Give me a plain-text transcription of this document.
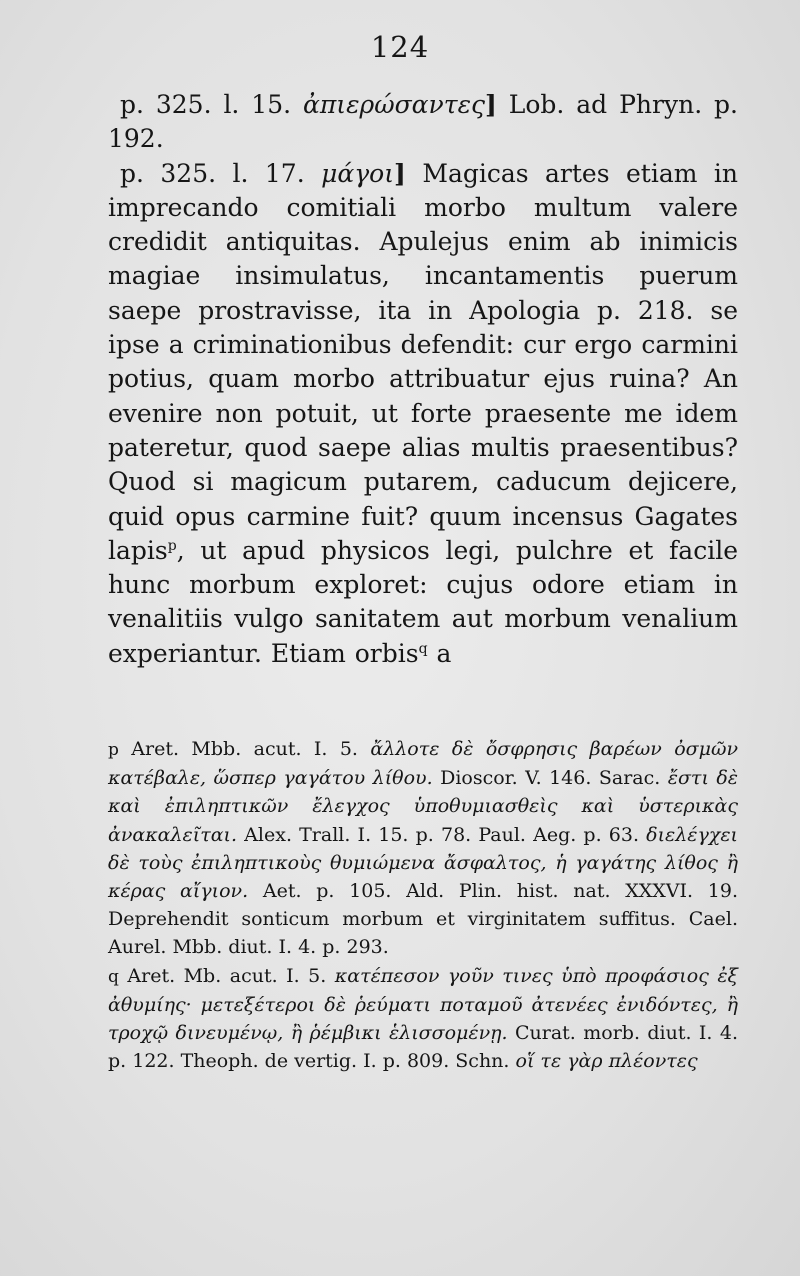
124

p. 325. l. 15. ἀπιερώσαντες] Lob. ad Phryn. p. 192.

p. 325. l. 17. μάγοι] Magicas artes etiam in imprecando comitiali morbo multum valere credidit antiquitas. Apulejus enim ab inimicis magiae insimulatus, incantamentis puerum saepe prostravisse, ita in Apologia p. 218. se ipse a criminationibus defendit: cur ergo carmini potius, quam morbo attribuatur ejus ruina? An evenire non potuit, ut forte praesente me idem pateretur, quod saepe alias multis praesentibus? Quod si magicum putarem, caducum dejicere, quid opus carmine fuit? quum incensus Gagates lapis$^p$, ut apud physicos legi, pulchre et facile hunc morbum exploret: cujus odore etiam in venalitiis vulgo sanitatem aut morbum venalium experiantur. Etiam orbis$^q$ a

p Aret. Mbb. acut. I. 5. ἄλλοτε δὲ ὄσφρησις βαρέων ὀσμῶν κατέβαλε, ὥσπερ γαγάτου λίθου. Dioscor. V. 146. Sarac. ἔστι δὲ καὶ ἐπιληπτικῶν ἔλεγχος ὑποθυμιασθεὶς καὶ ὑστερικὰς ἀνακαλεῖται. Alex. Trall. I. 15. p. 78. Paul. Aeg. p. 63. διελέγχει δὲ τοὺς ἐπιληπτικοὺς θυμιώμενα ἄσφαλτος, ἡ γαγάτης λίθος ἢ κέρας αἴγιον. Aet. p. 105. Ald. Plin. hist. nat. XXXVI. 19. Deprehendit sonticum morbum et virginitatem suffitus. Cael. Aurel. Mbb. diut. I. 4. p. 293.

q Aret. Mb. acut. I. 5. κατέπεσον γοῦν τινες ὑπὸ προφάσιος ἐξ ἀθυμίης· μετεξέτεροι δὲ ῥεύματι ποταμοῦ ἀτενέες ἐνιδόντες, ἢ τροχῷ δινευμένῳ, ἢ ῥέμβικι ἑλισσομένῃ. Curat. morb. diut. I. 4. p. 122. Theoph. de vertig. I. p. 809. Schn. οἵ τε γὰρ πλέοντες
